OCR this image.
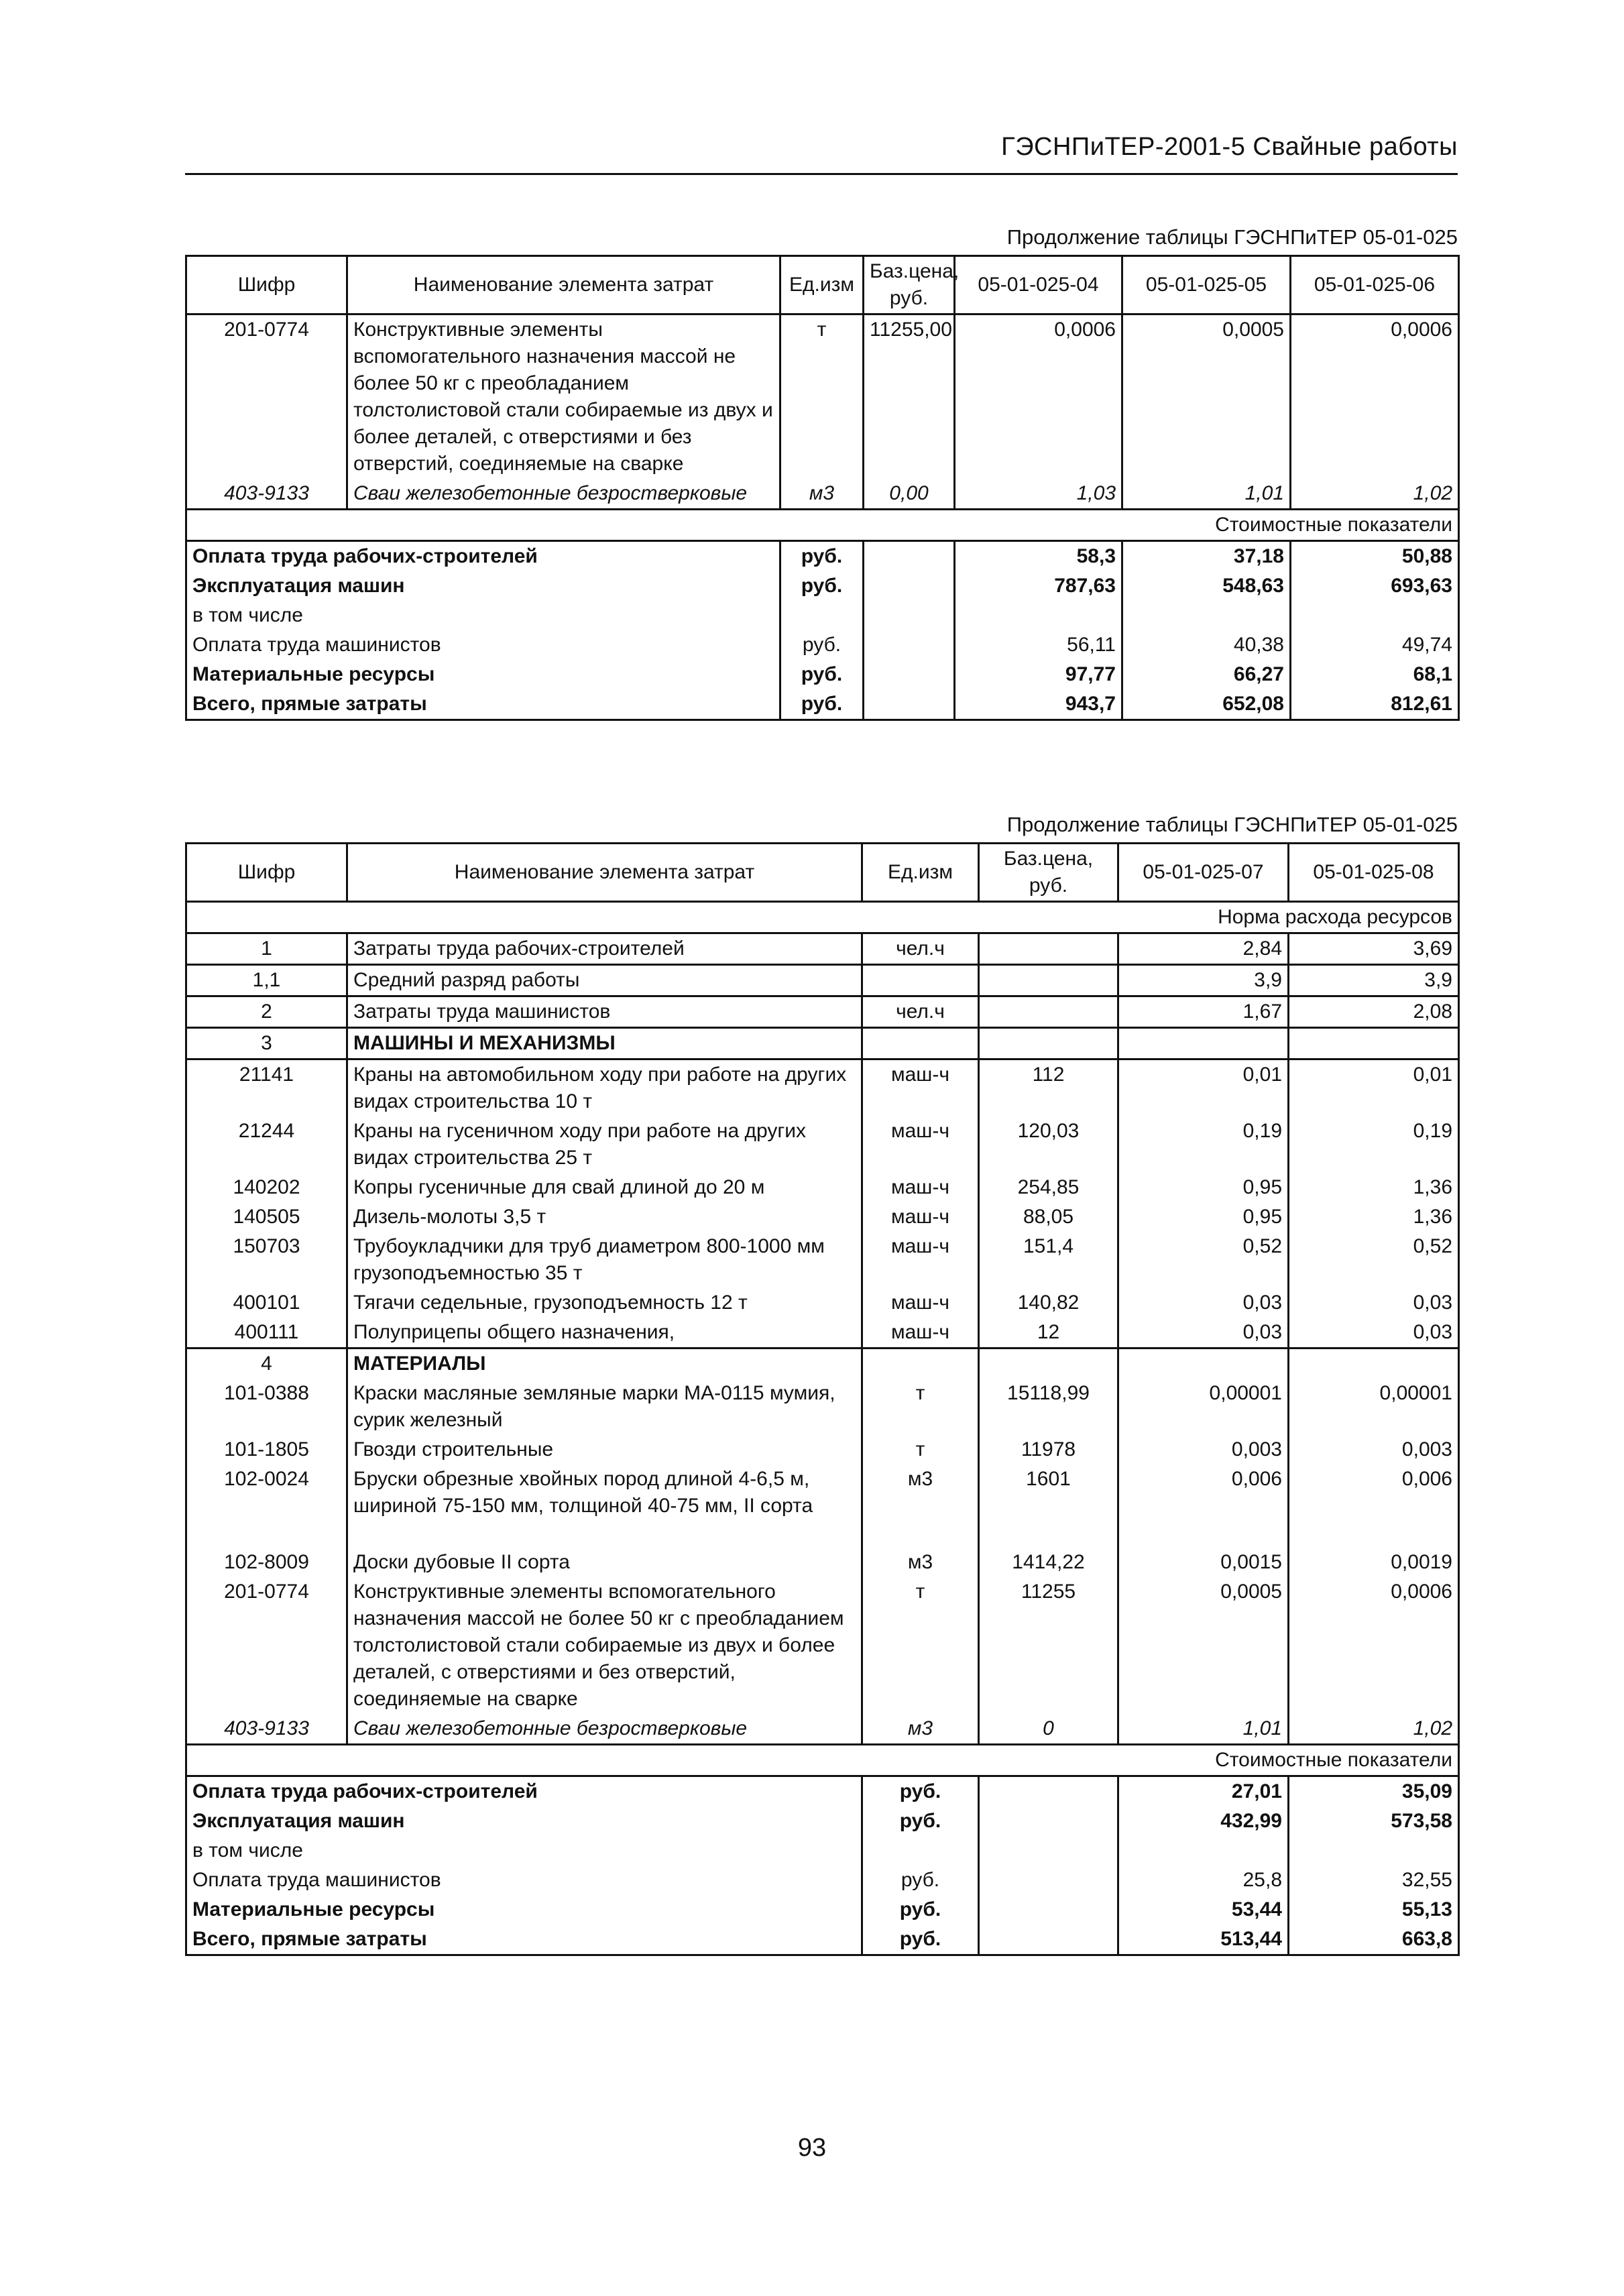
ГЭСНПиТЕР-2001-5 Свайные работы
Продолжение таблицы ГЭСНПиТЕР 05-01-025
Шифр	Наименование элемента затрат	Ед.изм	Баз.цена, руб.	05-01-025-04	05-01-025-05	05-01-025-06
201-0774	Конструктивные элементы вспомогательного назначения массой не более 50 кг с преобладанием толстолистовой стали собираемые из двух и более деталей, с отверстиями и без отверстий, соединяемые на сварке	т	11255,00	0,0006	0,0005	0,0006
403-9133	Сваи железобетонные безростверковые	м3	0,00	1,03	1,01	1,02
Стоимостные показатели						
Оплата труда рабочих-строителей		руб.		58,3	37,18	50,88
Эксплуатация машин		руб.		787,63	548,63	693,63
в том числе						
Оплата труда машинистов		руб.		56,11	40,38	49,74
Материальные ресурсы		руб.		97,77	66,27	68,1
Всего, прямые затраты		руб.		943,7	652,08	812,61
Продолжение таблицы ГЭСНПиТЕР 05-01-025
Шифр	Наименование элемента затрат	Ед.изм	Баз.цена, руб.	05-01-025-07	05-01-025-08
Норма расхода ресурсов					
1	Затраты труда рабочих-строителей	чел.ч		2,84	3,69
1,1	Средний разряд работы			3,9	3,9
2	Затраты труда машинистов	чел.ч		1,67	2,08
3	МАШИНЫ И МЕХАНИЗМЫ				
21141	Краны на автомобильном ходу при работе на других видах строительства 10 т	маш-ч	112	0,01	0,01
21244	Краны на гусеничном ходу при работе на других видах строительства 25 т	маш-ч	120,03	0,19	0,19
140202	Копры гусеничные для свай длиной до 20 м	маш-ч	254,85	0,95	1,36
140505	Дизель-молоты 3,5 т	маш-ч	88,05	0,95	1,36
150703	Трубоукладчики для труб диаметром 800-1000 мм грузоподъемностью 35 т	маш-ч	151,4	0,52	0,52
400101	Тягачи седельные, грузоподъемность 12 т	маш-ч	140,82	0,03	0,03
400111	Полуприцепы общего назначения,	маш-ч	12	0,03	0,03
4	МАТЕРИАЛЫ				
101-0388	Краски масляные земляные марки МА-0115 мумия, сурик железный	т	15118,99	0,00001	0,00001
101-1805	Гвозди строительные	т	11978	0,003	0,003
102-0024	Бруски обрезные хвойных пород длиной 4-6,5 м, шириной 75-150 мм, толщиной 40-75 мм, II сорта	м3	1601	0,006	0,006
102-8009	Доски дубовые II сорта	м3	1414,22	0,0015	0,0019
201-0774	Конструктивные элементы вспомогательного назначения массой не более 50 кг с преобладанием толстолистовой стали собираемые из двух и более деталей, с отверстиями и без отверстий, соединяемые на сварке	т	11255	0,0005	0,0006
403-9133	Сваи железобетонные безростверковые	м3	0	1,01	1,02
Стоимостные показатели					
Оплата труда рабочих-строителей		руб.		27,01	35,09
Эксплуатация машин		руб.		432,99	573,58
в том числе					
Оплата труда машинистов		руб.		25,8	32,55
Материальные ресурсы		руб.		53,44	55,13
Всего, прямые затраты		руб.		513,44	663,8
93
